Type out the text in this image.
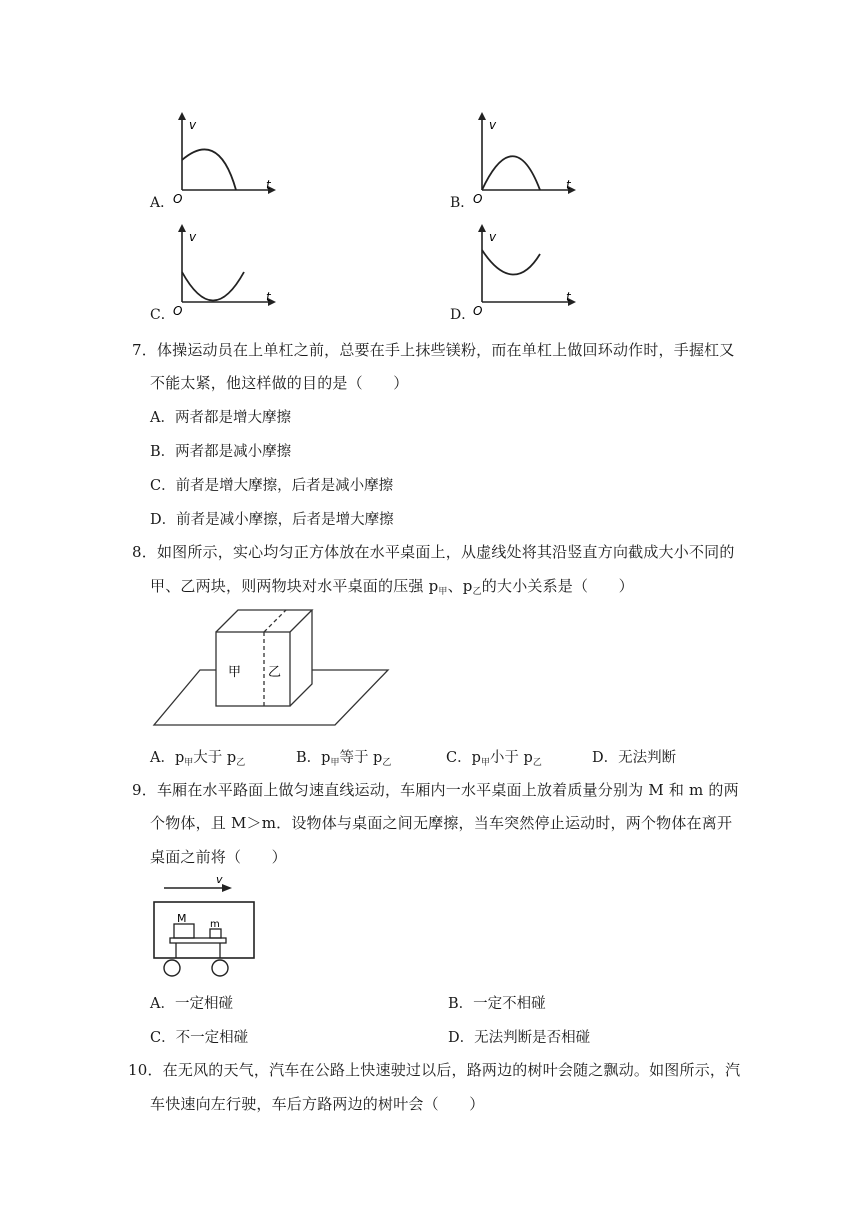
v
t
O
A．
v
t
O
B．
v
t
O
C．
v
t
O
D．
7．体操运动员在上单杠之前，总要在手上抹些镁粉，而在单杠上做回环动作时，手握杠又
不能太紧，他这样做的目的是（　　）
A．两者都是增大摩擦
B．两者都是减小摩擦
C．前者是增大摩擦，后者是减小摩擦
D．前者是减小摩擦，后者是增大摩擦
8．如图所示，实心均匀正方体放在水平桌面上，从虚线处将其沿竖直方向截成大小不同的
甲、乙两块，则两物块对水平桌面的压强 $p_甲$、$p_乙$的大小关系是（　　）
甲 乙
A．$p_甲$大于 $p_乙$	B．$p_甲$等于 $p_乙$	C．$p_甲$小于 $p_乙$	D．无法判断
9．车厢在水平路面上做匀速直线运动，车厢内一水平桌面上放着质量分别为 M 和 m 的两
个物体，且 M＞m．设物体与桌面之间无摩擦，当车突然停止运动时，两个物体在离开
桌面之前将（　　）
v
M m
A．一定相碰	B．一定不相碰
C．不一定相碰	D．无法判断是否相碰
10．在无风的天气，汽车在公路上快速驶过以后，路两边的树叶会随之飘动。如图所示，汽
车快速向左行驶，车后方路两边的树叶会（　　）
